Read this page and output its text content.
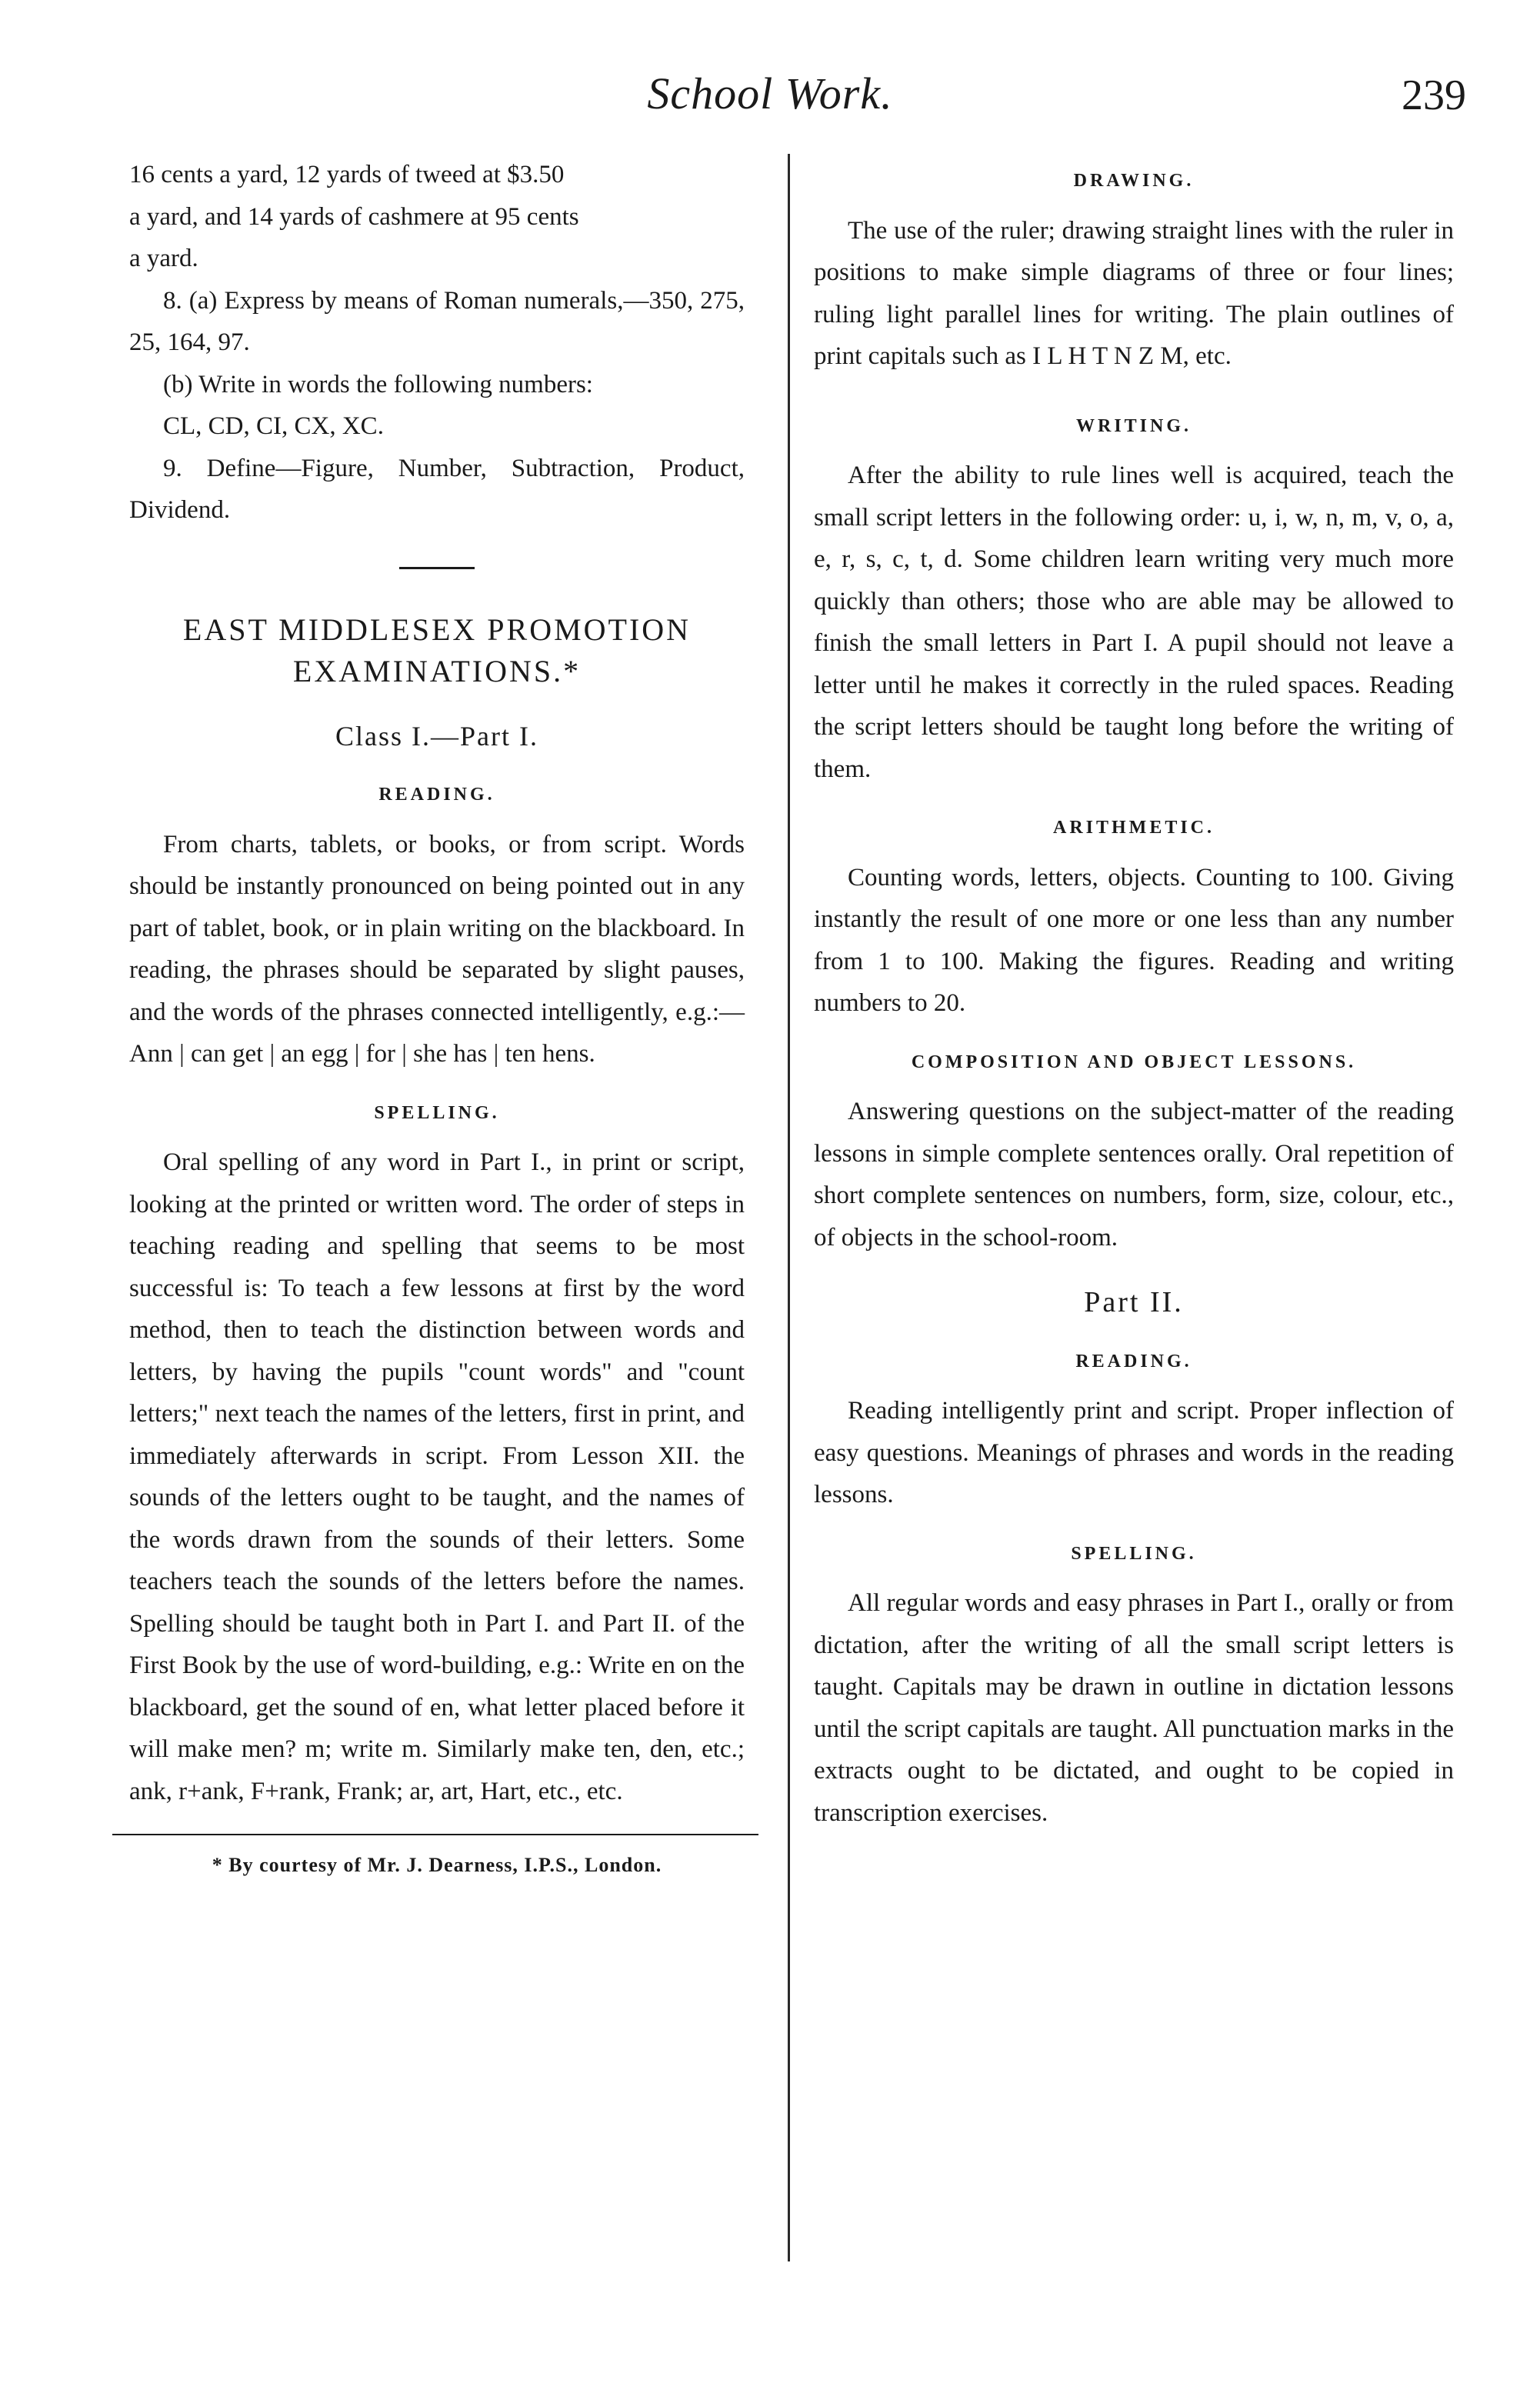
School Work.	239

16 cents a yard, 12 yards of tweed at $3.50

a yard, and 14 yards of cashmere at 95 cents

a yard.

8. (a) Express by means of Roman numerals,—350, 275, 25, 164, 97.

(b) Write in words the following numbers:

CL, CD, CI, CX, XC.

9. Define—Figure, Number, Subtraction, Product, Dividend.

EAST MIDDLESEX PROMOTION

EXAMINATIONS.*

Class I.—Part I.
READING.

From charts, tablets, or books, or from script. Words should be instantly pronounced on being pointed out in any part of tablet, book, or in plain writing on the blackboard. In reading, the phrases should be separated by slight pauses, and the words of the phrases connected intelligently, e.g.:—Ann | can get | an egg | for | she has | ten hens.

SPELLING.

Oral spelling of any word in Part I., in print or script, looking at the printed or written word. The order of steps in teaching reading and spelling that seems to be most successful is: To teach a few lessons at first by the word method, then to teach the distinction between words and letters, by having the pupils "count words" and "count letters;" next teach the names of the letters, first in print, and immediately afterwards in script. From Lesson XII. the sounds of the letters ought to be taught, and the names of the words drawn from the sounds of their letters. Some teachers teach the sounds of the letters before the names. Spelling should be taught both in Part I. and Part II. of the First Book by the use of word-building, e.g.: Write en on the blackboard, get the sound of en, what letter placed before it will make men? m; write m. Similarly make ten, den, etc.; ank, r+ank, F+rank, Frank; ar, art, Hart, etc., etc.

* By courtesy of Mr. J. Dearness, I.P.S., London.
DRAWING.

The use of the ruler; drawing straight lines with the ruler in positions to make simple diagrams of three or four lines; ruling light parallel lines for writing. The plain outlines of print capitals such as I L H T N Z M, etc.

WRITING.

After the ability to rule lines well is acquired, teach the small script letters in the following order: u, i, w, n, m, v, o, a, e, r, s, c, t, d. Some children learn writing very much more quickly than others; those who are able may be allowed to finish the small letters in Part I. A pupil should not leave a letter until he makes it correctly in the ruled spaces. Reading the script letters should be taught long before the writing of them.

ARITHMETIC.

Counting words, letters, objects. Counting to 100. Giving instantly the result of one more or one less than any number from 1 to 100. Making the figures. Reading and writing numbers to 20.

COMPOSITION AND OBJECT LESSONS.

Answering questions on the subject-matter of the reading lessons in simple complete sentences orally. Oral repetition of short complete sentences on numbers, form, size, colour, etc., of objects in the school-room.

Part II.
READING.

Reading intelligently print and script. Proper inflection of easy questions. Meanings of phrases and words in the reading lessons.

SPELLING.

All regular words and easy phrases in Part I., orally or from dictation, after the writing of all the small script letters is taught. Capitals may be drawn in outline in dictation lessons until the script capitals are taught. All punctuation marks in the extracts ought to be dictated, and ought to be copied in transcription exercises.
